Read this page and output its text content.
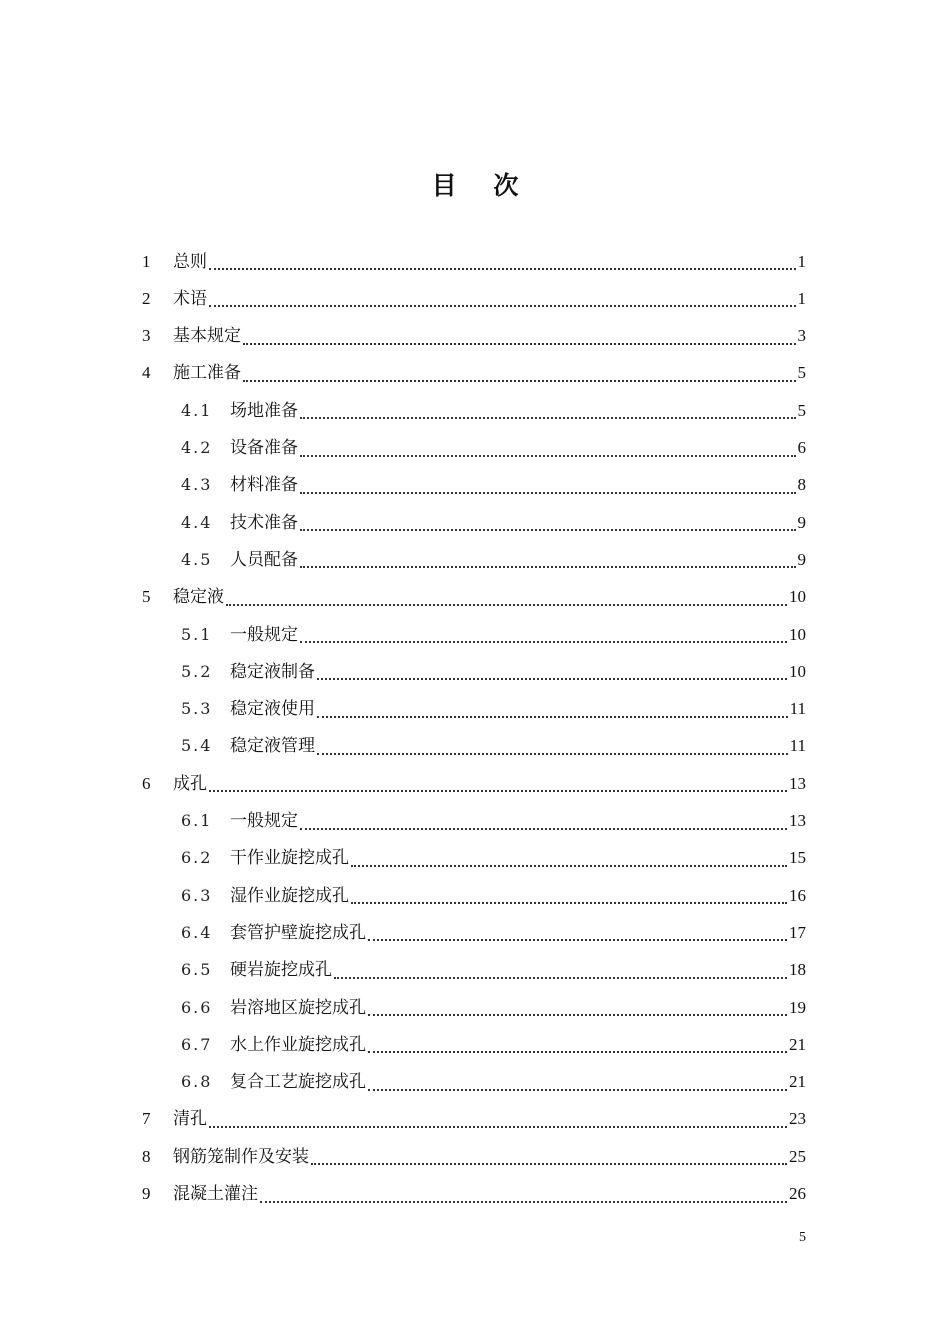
目 次
1	总则	1
2	术语	1
3	基本规定	3
4	施工准备	5
4.1	场地准备	5
4.2	设备准备	6
4.3	材料准备	8
4.4	技术准备	9
4.5	人员配备	9
5	稳定液	10
5.1	一般规定	10
5.2	稳定液制备	10
5.3	稳定液使用	11
5.4	稳定液管理	11
6	成孔	13
6.1	一般规定	13
6.2	干作业旋挖成孔	15
6.3	湿作业旋挖成孔	16
6.4	套管护壁旋挖成孔	17
6.5	硬岩旋挖成孔	18
6.6	岩溶地区旋挖成孔	19
6.7	水上作业旋挖成孔	21
6.8	复合工艺旋挖成孔	21
7	清孔	23
8	钢筋笼制作及安装	25
9	混凝土灌注	26
5
